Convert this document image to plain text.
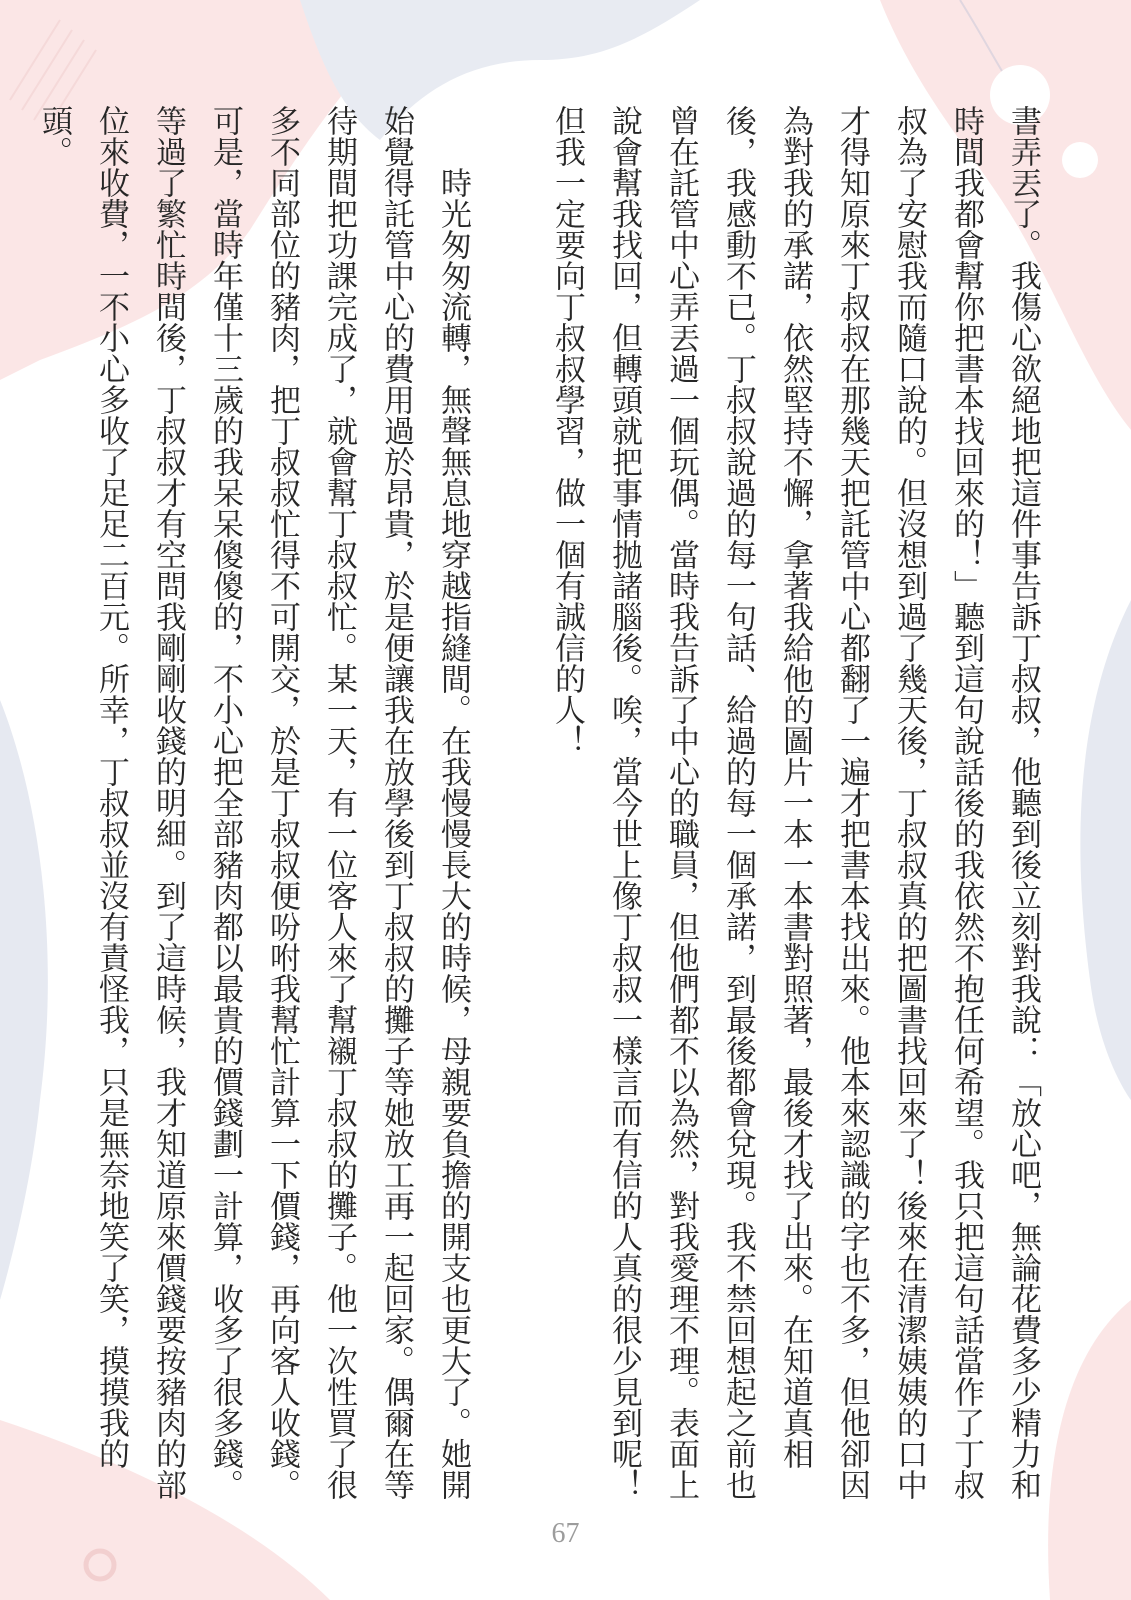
書弄丟了。我傷心欲絕地把這件事告訴丁叔叔，他聽到後立刻對我說：「放心吧，無論花費多少精力和時間我都會幫你把書本找回來的！」聽到這句說話後的我依然不抱任何希望。我只把這句話當作了丁叔叔為了安慰我而隨口說的。但沒想到過了幾天後，丁叔叔真的把圖書找回來了！後來在清潔姨姨的口中才得知原來丁叔叔在那幾天把託管中心都翻了一遍才把書本找出來。他本來認識的字也不多，但他卻因為對我的承諾，依然堅持不懈，拿著我給他的圖片一本一本書對照著，最後才找了出來。在知道真相後，我感動不已。丁叔叔說過的每一句話、給過的每一個承諾，到最後都會兌現。我不禁回想起之前也曾在託管中心弄丟過一個玩偶。當時我告訴了中心的職員，但他們都不以為然，對我愛理不理。表面上說會幫我找回，但轉頭就把事情拋諸腦後。唉，當今世上像丁叔叔一樣言而有信的人真的很少見到呢！但我一定要向丁叔叔學習，做一個有誠信的人！

時光匆匆流轉，無聲無息地穿越指縫間。在我慢慢長大的時候，母親要負擔的開支也更大了。她開始覺得託管中心的費用過於昂貴，於是便讓我在放學後到丁叔叔的攤子等她放工再一起回家。偶爾在等待期間把功課完成了，就會幫丁叔叔忙。某一天，有一位客人來了幫襯丁叔叔的攤子。他一次性買了很多不同部位的豬肉，把丁叔叔忙得不可開交，於是丁叔叔便吩咐我幫忙計算一下價錢，再向客人收錢。可是，當時年僅十三歲的我呆呆傻傻的，不小心把全部豬肉都以最貴的價錢劃一計算，收多了很多錢。等過了繁忙時間後，丁叔叔才有空問我剛剛收錢的明細。到了這時候，我才知道原來價錢要按豬肉的部位來收費，一不小心多收了足足二百元。所幸，丁叔叔並沒有責怪我，只是無奈地笑了笑，摸摸我的頭。

67
